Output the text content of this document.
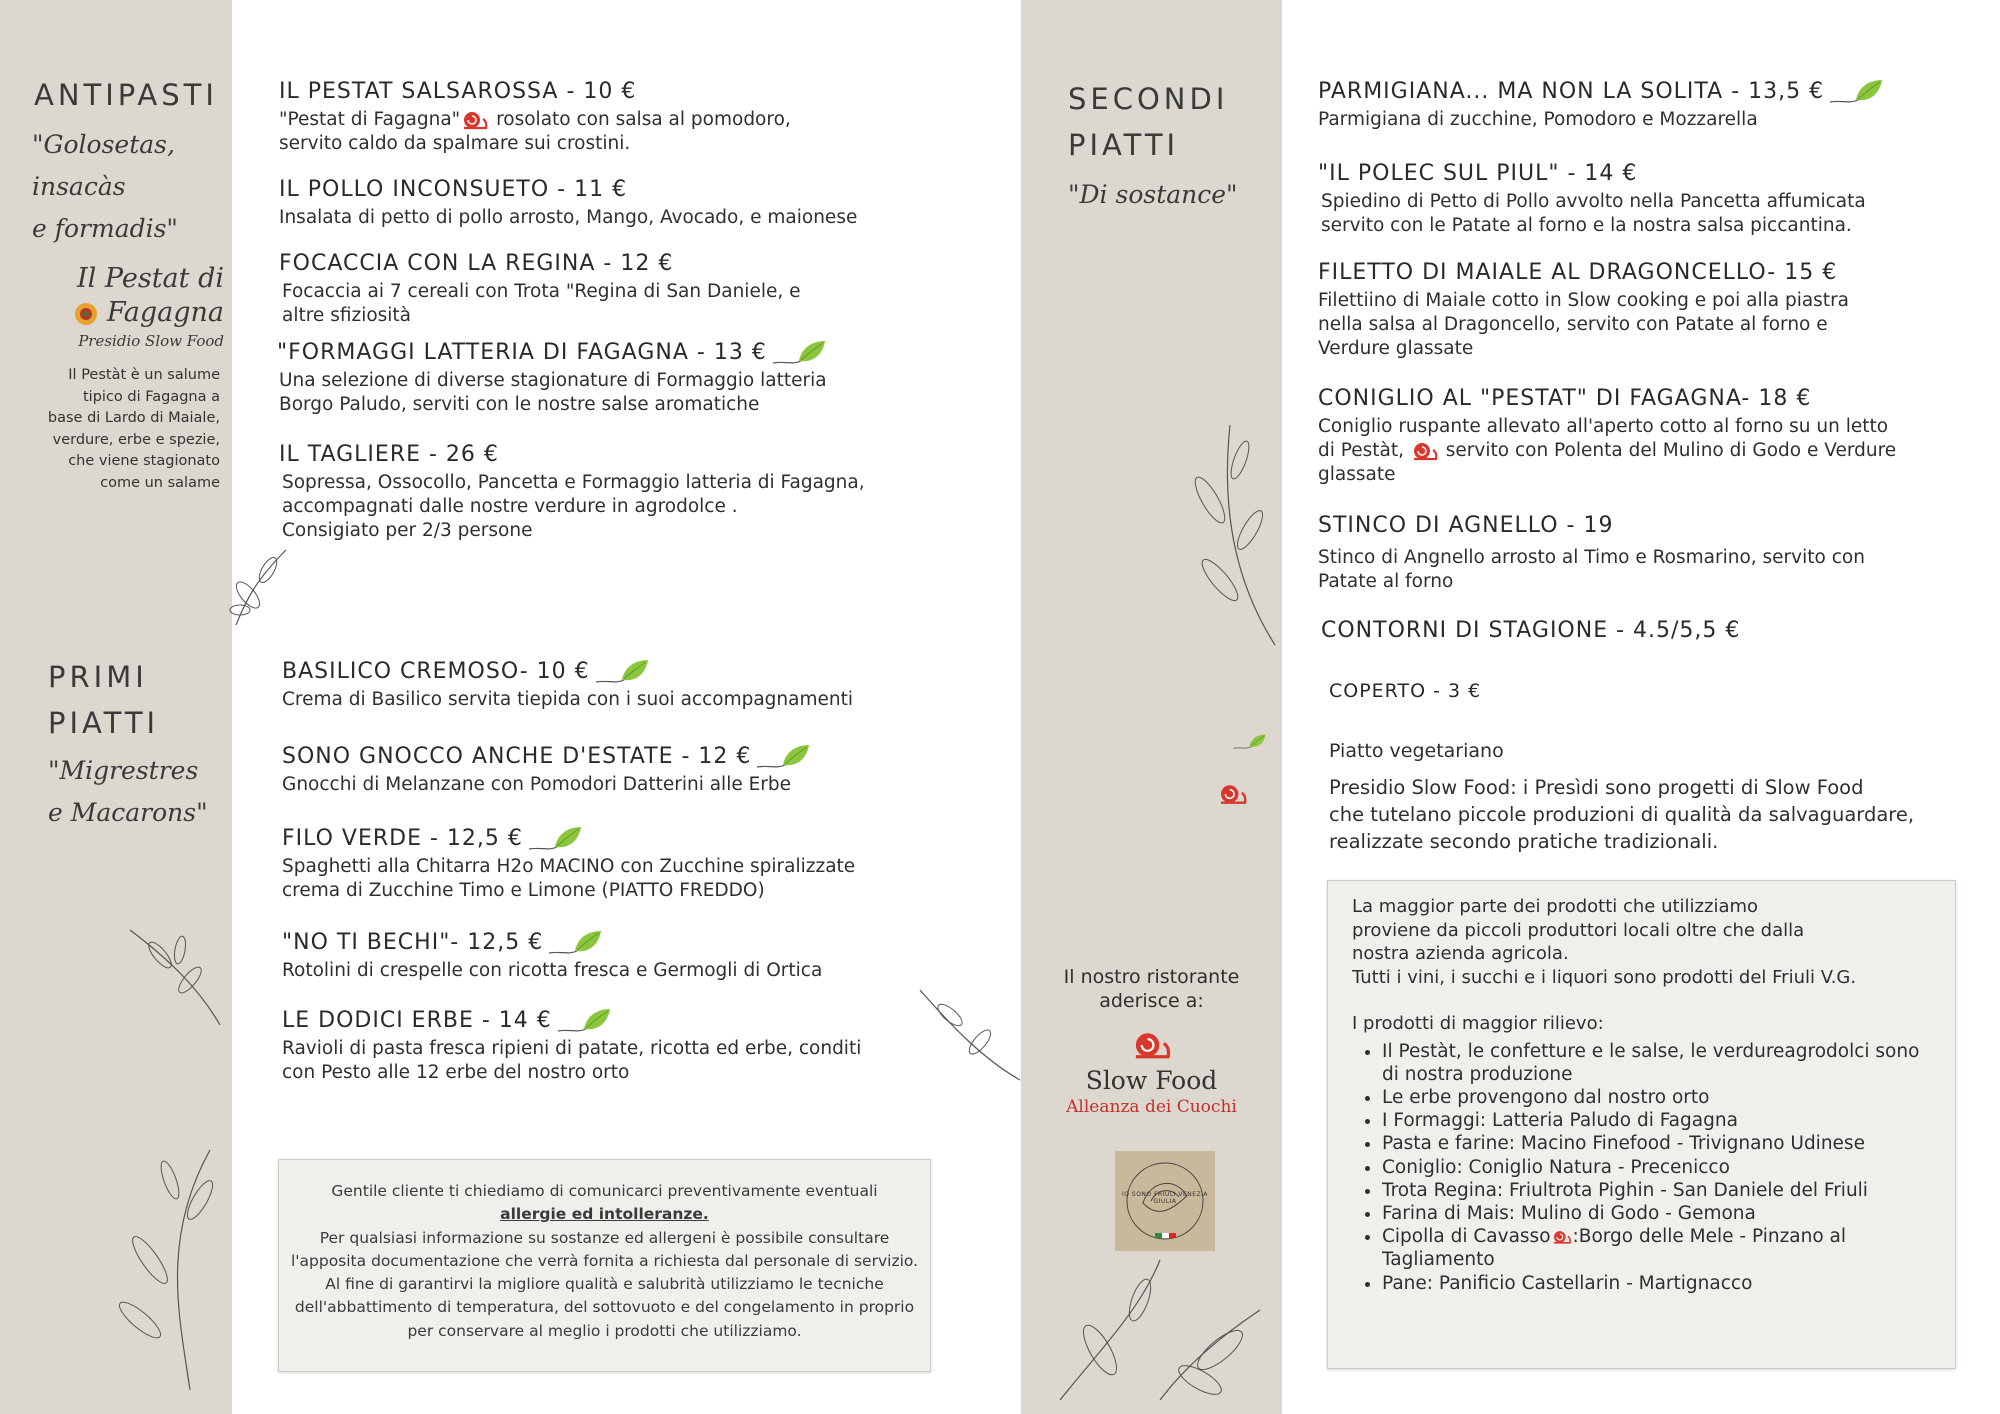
ANTIPASTI
"Golosetas,
insacàs
e formadis"
Il Pestat di
Fagagna
Presidio Slow Food
Il Pestàt è un salume
tipico di Fagagna a
base di Lardo di Maiale,
verdure, erbe e spezie,
che viene stagionato
come un salame
PRIMI
PIATTI
"Migrestres
e Macarons"
IL PESTAT SALSAROSSA - 10 €
"Pestat di Fagagna" rosolato con salsa al pomodoro,
servito caldo da spalmare sui crostini.
IL POLLO INCONSUETO - 11 €
Insalata di petto di pollo arrosto, Mango, Avocado, e maionese
FOCACCIA CON LA REGINA - 12 €
Focaccia ai 7 cereali con Trota "Regina di San Daniele, e
altre sfiziosità
"FORMAGGI LATTERIA DI FAGAGNA - 13 €
Una selezione di diverse stagionature di Formaggio latteria
Borgo Paludo, serviti con le nostre salse aromatiche
IL TAGLIERE - 26 €
Sopressa, Ossocollo, Pancetta e Formaggio latteria di Fagagna,
accompagnati dalle nostre verdure in agrodolce .
Consigiato per 2/3 persone
BASILICO CREMOSO- 10 €
Crema di Basilico servita tiepida con i suoi accompagnamenti
SONO GNOCCO ANCHE D'ESTATE - 12 €
Gnocchi di Melanzane con Pomodori Datterini alle Erbe
FILO VERDE - 12,5 €
Spaghetti alla Chitarra H2o MACINO con Zucchine spiralizzate
crema di Zucchine Timo e Limone (PIATTO FREDDO)
"NO TI BECHI"- 12,5 €
Rotolini di crespelle con ricotta fresca e Germogli di Ortica
LE DODICI ERBE - 14 €
Ravioli di pasta fresca ripieni di patate, ricotta ed erbe, conditi
con Pesto alle 12 erbe del nostro orto
Gentile cliente ti chiediamo di comunicarci preventivamente eventuali
allergie ed intolleranze.
Per qualsiasi informazione su sostanze ed allergeni è possibile consultare
l'apposita documentazione che verrà fornita a richiesta dal personale di servizio.
Al fine di garantirvi la migliore qualità e salubrità utilizziamo le tecniche
dell'abbattimento di temperatura, del sottovuoto e del congelamento in proprio
per conservare al meglio i prodotti che utilizziamo.
SECONDI
PIATTI
"Di sostance"
Il nostro ristorante
aderisce a:
Slow Food
Alleanza dei Cuochi
IO SONO FRIULI VENEZIA GIULIA
PARMIGIANA... MA NON LA SOLITA - 13,5 €
Parmigiana di zucchine, Pomodoro e Mozzarella
"IL POLEC SUL PIUL" - 14 €
Spiedino di Petto di Pollo avvolto nella Pancetta affumicata
servito con le Patate al forno e la nostra salsa piccantina.
FILETTO DI MAIALE AL DRAGONCELLO- 15 €
Filettiino di Maiale cotto in Slow cooking e poi alla piastra
nella salsa al Dragoncello, servito con Patate al forno e
Verdure glassate
CONIGLIO AL "PESTAT" DI FAGAGNA- 18 €
Coniglio ruspante allevato all'aperto cotto al forno su un letto
di Pestàt,  servito con Polenta del Mulino di Godo e Verdure
glassate
STINCO DI AGNELLO - 19
Stinco di Angnello arrosto al Timo e Rosmarino, servito con
Patate al forno
CONTORNI DI STAGIONE - 4.5/5,5 €
COPERTO - 3 €
Piatto vegetariano
Presidio Slow Food: i Presìdi sono progetti di Slow Food
che tutelano piccole produzioni di qualità da salvaguardare,
realizzate secondo pratiche tradizionali.
La maggior parte dei prodotti che utilizziamo
proviene da piccoli produttori locali oltre che dalla
nostra azienda agricola.
Tutti i vini, i succhi e i liquori sono prodotti del Friuli V.G.
I prodotti di maggior rilievo:
• Il Pestàt, le confetture e le salse, le verdureagrodolci sono di nostra produzione
• Le erbe provengono dal nostro orto
• I Formaggi: Latteria Paludo di Fagagna
• Pasta e farine: Macino Finefood - Trivignano Udinese
• Coniglio: Coniglio Natura - Precenicco
• Trota Regina: Friultrota Pighin - San Daniele del Friuli
• Farina di Mais: Mulino di Godo - Gemona
• Cipolla di Cavasso :Borgo delle Mele - Pinzano al Tagliamento
• Pane: Panificio Castellarin - Martignacco
